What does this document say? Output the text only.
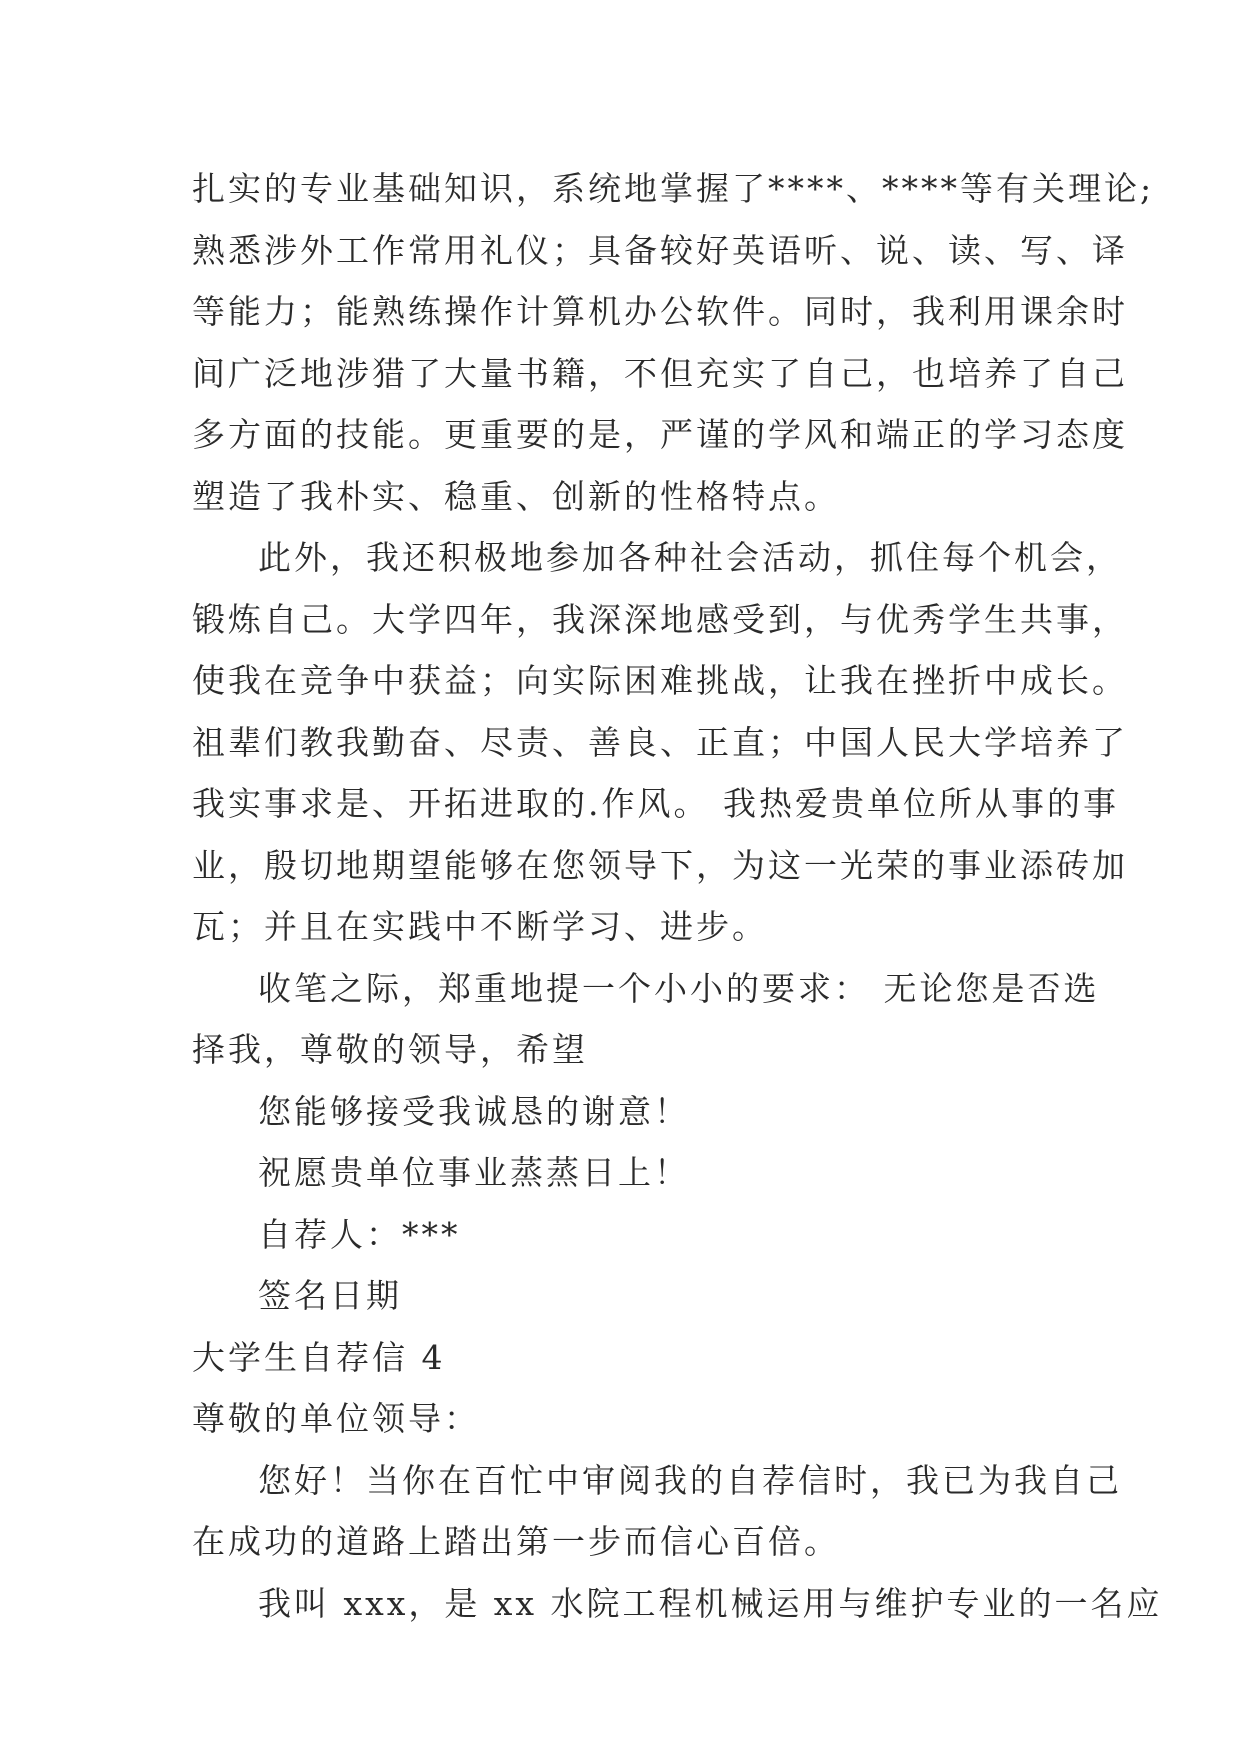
扎实的专业基础知识，系统地掌握了****、****等有关理论;
熟悉涉外工作常用礼仪；具备较好英语听、说、读、写、译
等能力；能熟练操作计算机办公软件。同时，我利用课余时
间广泛地涉猎了大量书籍，不但充实了自己，也培养了自己
多方面的技能。更重要的是，严谨的学风和端正的学习态度
塑造了我朴实、稳重、创新的性格特点。
此外，我还积极地参加各种社会活动，抓住每个机会，
锻炼自己。大学四年，我深深地感受到，与优秀学生共事，
使我在竞争中获益；向实际困难挑战，让我在挫折中成长。
祖辈们教我勤奋、尽责、善良、正直；中国人民大学培养了
我实事求是、开拓进取的.作风。 我热爱贵单位所从事的事
业，殷切地期望能够在您领导下，为这一光荣的事业添砖加
瓦；并且在实践中不断学习、进步。
收笔之际，郑重地提一个小小的要求： 无论您是否选
择我，尊敬的领导，希望
您能够接受我诚恳的谢意！
祝愿贵单位事业蒸蒸日上！
自荐人：***
签名日期
大学生自荐信 4
尊敬的单位领导：
您好！当你在百忙中审阅我的自荐信时，我已为我自己
在成功的道路上踏出第一步而信心百倍。
我叫 xxx，是 xx 水院工程机械运用与维护专业的一名应
